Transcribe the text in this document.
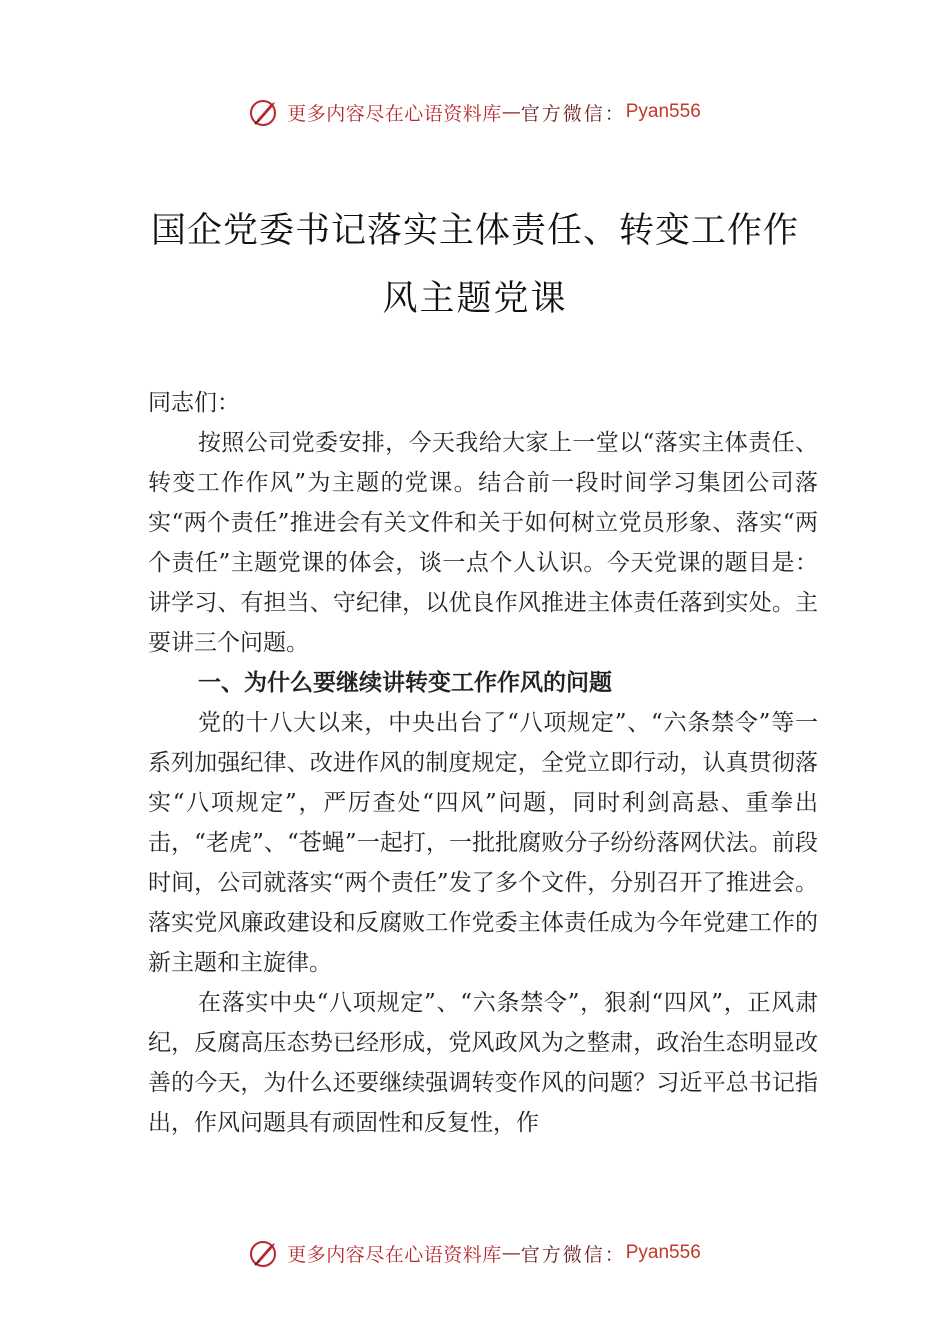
更多内容尽在心语资料库 — 官方微信： Pyan556
国企党委书记落实主体责任、转变工作作
风主题党课
同志们：

按照公司党委安排，今天我给大家上一堂以“落实主体责任、转变工作作风”为主题的党课。结合前一段时间学习集团公司落实“两个责任”推进会有关文件和关于如何树立党员形象、落实“两个责任”主题党课的体会，谈一点个人认识。今天党课的题目是：讲学习、有担当、守纪律，以优良作风推进主体责任落到实处。主要讲三个问题。

一、为什么要继续讲转变工作作风的问题

党的十八大以来，中央出台了“八项规定”、“六条禁令”等一系列加强纪律、改进作风的制度规定，全党立即行动，认真贯彻落实“八项规定”，严厉查处“四风”问题，同时利剑高悬、重拳出击，“老虎”、“苍蝇”一起打，一批批腐败分子纷纷落网伏法。前段时间，公司就落实“两个责任”发了多个文件，分别召开了推进会。落实党风廉政建设和反腐败工作党委主体责任成为今年党建工作的新主题和主旋律。

在落实中央“八项规定”、“六条禁令”，狠刹“四风”，正风肃纪，反腐高压态势已经形成，党风政风为之整肃，政治生态明显改善的今天，为什么还要继续强调转变作风的问题？习近平总书记指出，作风问题具有顽固性和反复性，作

更多内容尽在心语资料库 — 官方微信： Pyan556
